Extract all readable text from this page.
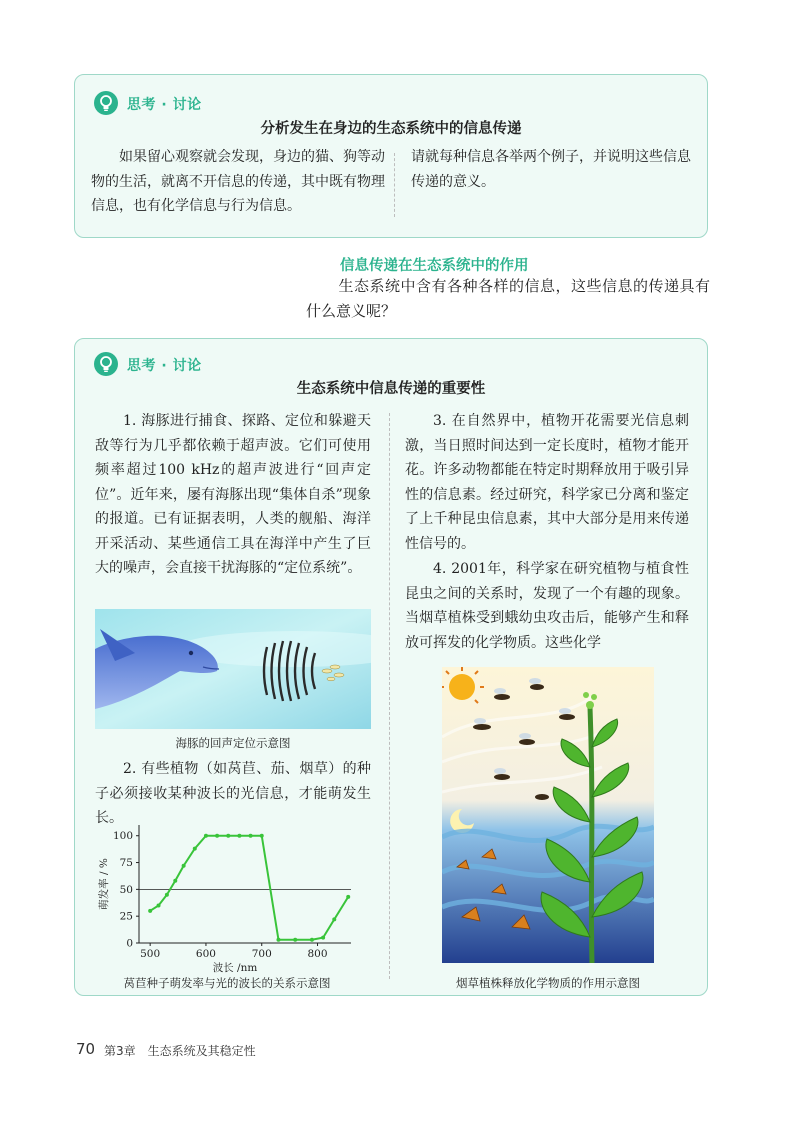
思考 · 讨论
分析发生在身边的生态系统中的信息传递
如果留心观察就会发现，身边的猫、狗等动物的生活，就离不开信息的传递，其中既有物理信息，也有化学信息与行为信息。
请就每种信息各举两个例子，并说明这些信息传递的意义。
信息传递在生态系统中的作用
生态系统中含有各种各样的信息，这些信息的传递具有什么意义呢？
思考 · 讨论
生态系统中信息传递的重要性
1. 海豚进行捕食、探路、定位和躲避天敌等行为几乎都依赖于超声波。它们可使用频率超过100 kHz的超声波进行“回声定位”。近年来，屡有海豚出现“集体自杀”现象的报道。已有证据表明，人类的舰船、海洋开采活动、某些通信工具在海洋中产生了巨大的噪声，会直接干扰海豚的“定位系统”。
海豚的回声定位示意图
2. 有些植物（如莴苣、茄、烟草）的种子必须接收某种波长的光信息，才能萌发生长。
0
25
50
75
100
500	600	700	800
波长 /nm
萌发率 / %
莴苣种子萌发率与光的波长的关系示意图
3. 在自然界中，植物开花需要光信息刺激，当日照时间达到一定长度时，植物才能开花。许多动物都能在特定时期释放用于吸引异性的信息素。经过研究，科学家已分离和鉴定了上千种昆虫信息素，其中大部分是用来传递性信号的。
4. 2001年，科学家在研究植物与植食性昆虫之间的关系时，发现了一个有趣的现象。当烟草植株受到蛾幼虫攻击后，能够产生和释放可挥发的化学物质。这些化学
烟草植株释放化学物质的作用示意图
70 第3章　生态系统及其稳定性
